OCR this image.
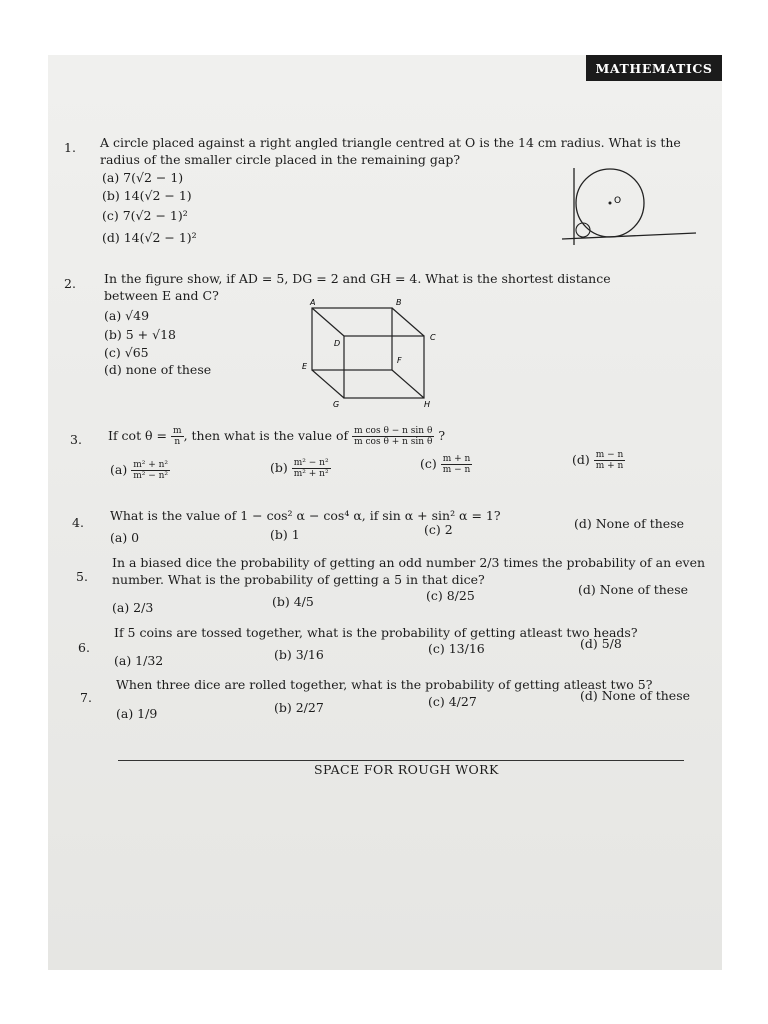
MATHEMATICS
1. A circle placed against a right angled triangle centred at O is the 14 cm radius. What is the radius of the smaller circle placed in the remaining gap?
(a) 7(√2 − 1)
(b) 14(√2 − 1)
(c) 7(√2 − 1)²
(d) 14(√2 − 1)²
O
2. In the figure show, if AD = 5, DG = 2 and GH = 4. What is the shortest distance between E and C?
(a) √49
(b) 5 + √18
(c) √65
(d) none of these
A	B
C
D
E
F
G	H
3. If $\cot \theta = \frac{m}{n}$ , then what is the value of $\frac{\text{m cos θ − n sin θ}}{\text{m cos θ + n sin θ}}$ ?
$(a) \frac{\text{m² + n²}}{\text{m² − n²}}$	$(b) \frac{\text{m² − n²}}{\text{m² + n²}}$	$(c) \frac{m + n}{m - n}$	$(d) \frac{m - n}{m + n}$
4. What is the value of 1 − cos² α − cos⁴ α, if sin α + sin² α = 1?
(a) 0	(b) 1	(c) 2	(d) None of these
5.
In a biased dice the probability of getting an odd number 2/3 times the probability of an even number. What is the probability of getting a 5 in that dice?
(a) 2/3	(b) 4/5	(c) 8/25	(d) None of these
6.
If 5 coins are tossed together, what is the probability of getting atleast two heads?
(a) 1/32	(b) 3/16	(c) 13/16	(d) 5/8
7.
When three dice are rolled together, what is the probability of getting atleast two 5?
(a) 1/9	(b) 2/27	(c) 4/27	(d) None of these
SPACE FOR ROUGH WORK
